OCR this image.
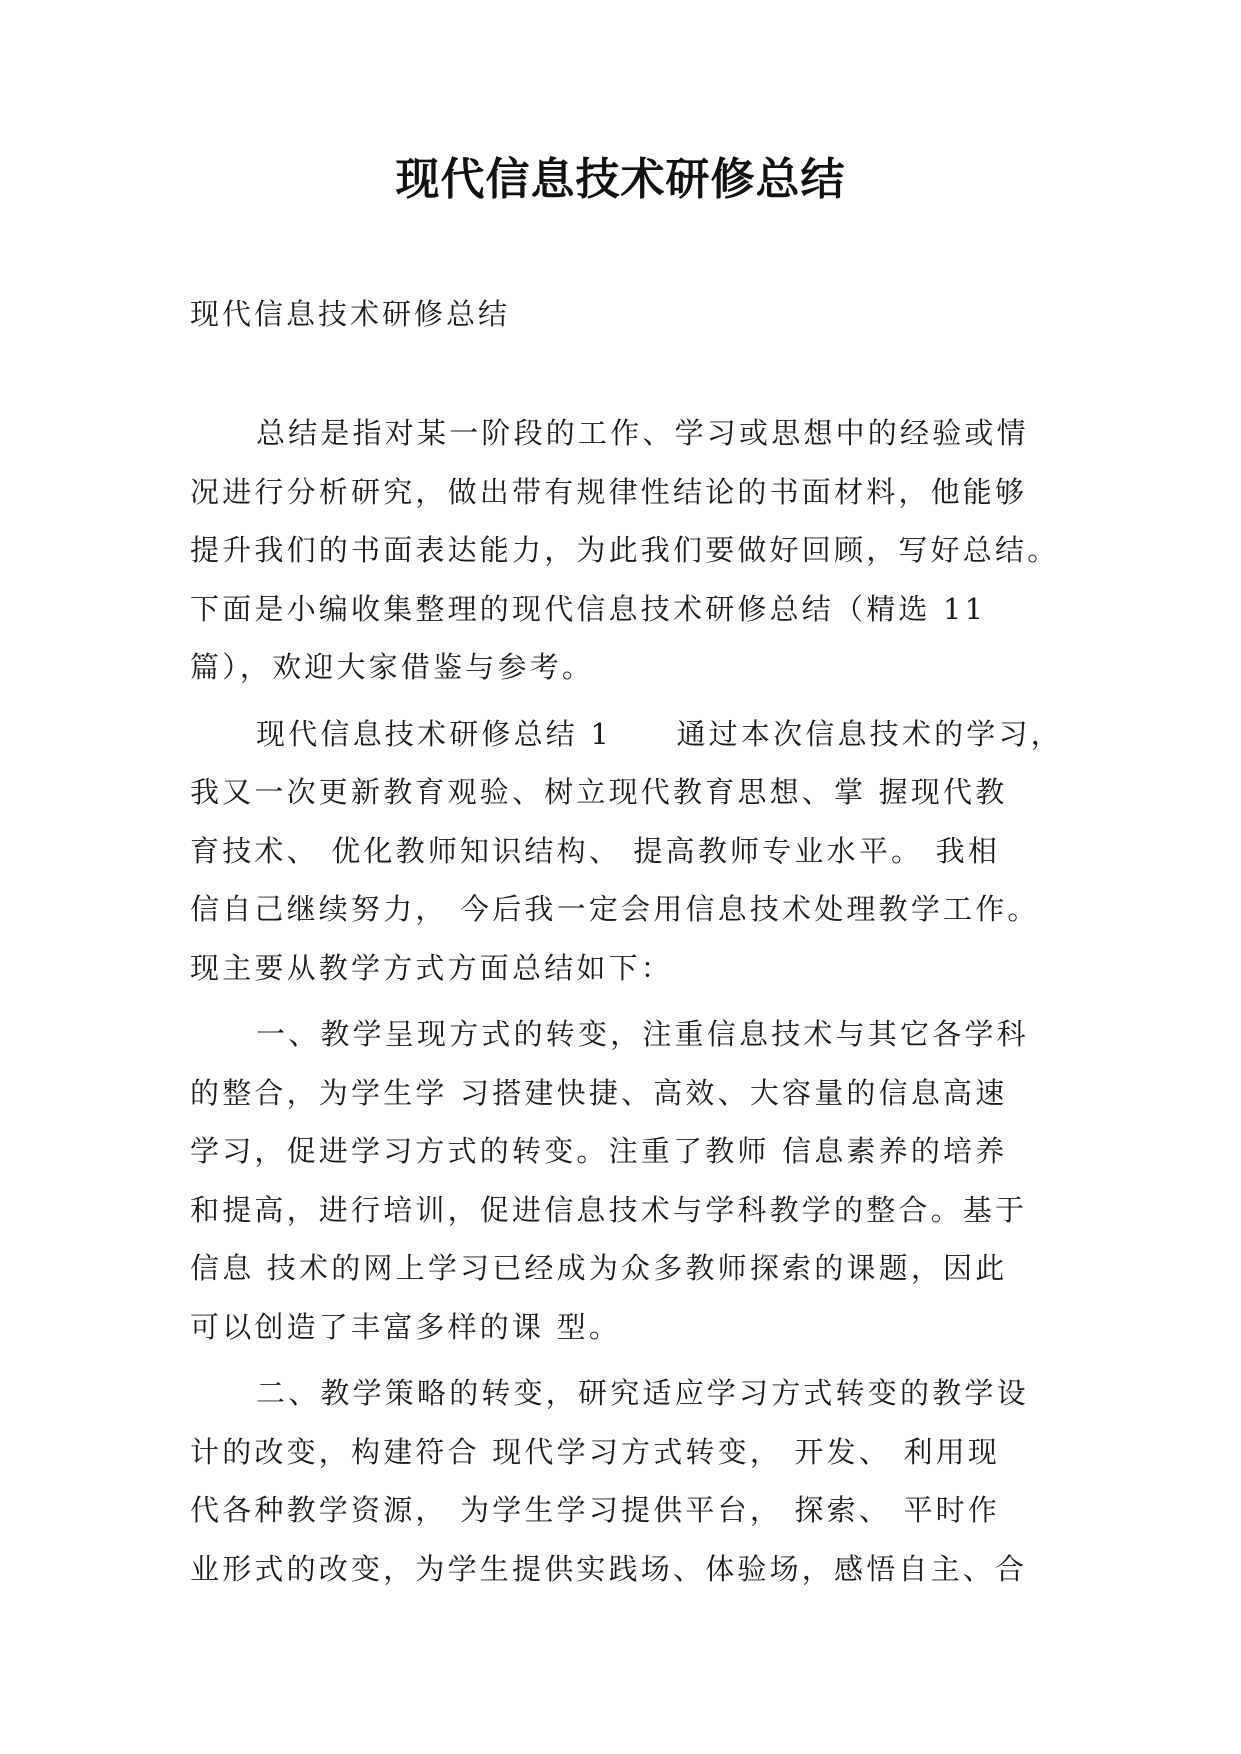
现代信息技术研修总结

现代信息技术研修总结

总结是指对某一阶段的工作、学习或思想中的经验或情
况进行分析研究，做出带有规律性结论的书面材料，他能够
提升我们的书面表达能力，为此我们要做好回顾，写好总结。
下面是小编收集整理的现代信息技术研修总结（精选 11
篇），欢迎大家借鉴与参考。
现代信息技术研修总结 1　　通过本次信息技术的学习，
我又一次更新教育观验、树立现代教育思想、掌 握现代教
育技术、 优化教师知识结构、 提高教师专业水平。 我相
信自己继续努力， 今后我一定会用信息技术处理教学工作。
现主要从教学方式方面总结如下：
一、教学呈现方式的转变，注重信息技术与其它各学科
的整合，为学生学 习搭建快捷、高效、大容量的信息高速
学习，促进学习方式的转变。注重了教师 信息素养的培养
和提高，进行培训，促进信息技术与学科教学的整合。基于
信息 技术的网上学习已经成为众多教师探索的课题，因此
可以创造了丰富多样的课 型。
二、教学策略的转变，研究适应学习方式转变的教学设
计的改变，构建符合 现代学习方式转变， 开发、 利用现
代各种教学资源， 为学生学习提供平台， 探索、 平时作
业形式的改变，为学生提供实践场、体验场，感悟自主、合
